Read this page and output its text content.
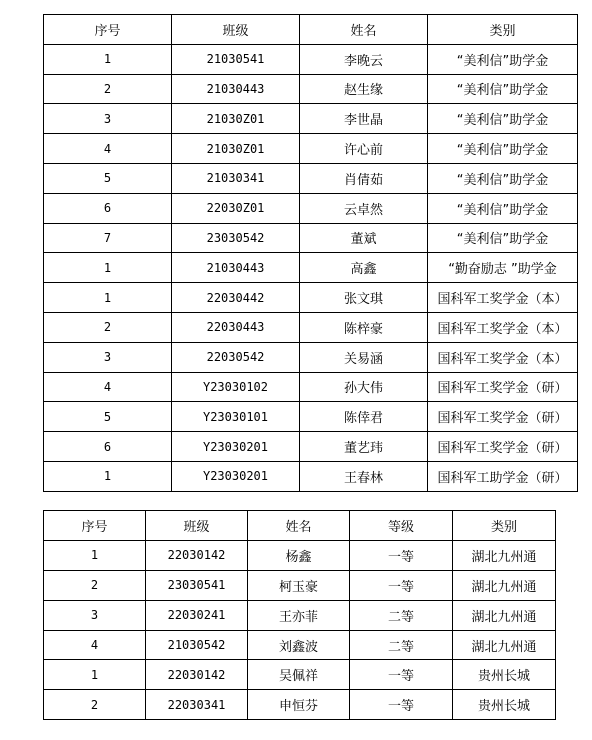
序号	班级	姓名	类别
1	21030541	李晚云	“美利信”助学金
2	21030443	赵生缘	“美利信”助学金
3	21030Z01	李世晶	“美利信”助学金
4	21030Z01	许心前	“美利信”助学金
5	21030341	肖倩茹	“美利信”助学金
6	22030Z01	云卓然	“美利信”助学金
7	23030542	董斌	“美利信”助学金
1	21030443	高鑫	“勤奋励志 ”助学金
1	22030442	张文琪	国科军工奖学金（本）
2	22030443	陈梓豪	国科军工奖学金（本）
3	22030542	关易涵	国科军工奖学金（本）
4	Y23030102	孙大伟	国科军工奖学金（研）
5	Y23030101	陈倖君	国科军工奖学金（研）
6	Y23030201	董艺玮	国科军工奖学金（研）
1	Y23030201	王春林	国科军工助学金（研）
序号	班级	姓名	等级	类别
1	22030142	杨鑫	一等	湖北九州通
2	23030541	柯玉豪	一等	湖北九州通
3	22030241	王亦菲	二等	湖北九州通
4	21030542	刘鑫波	二等	湖北九州通
1	22030142	吴佩祥	一等	贵州长城
2	22030341	申恒芬	一等	贵州长城
